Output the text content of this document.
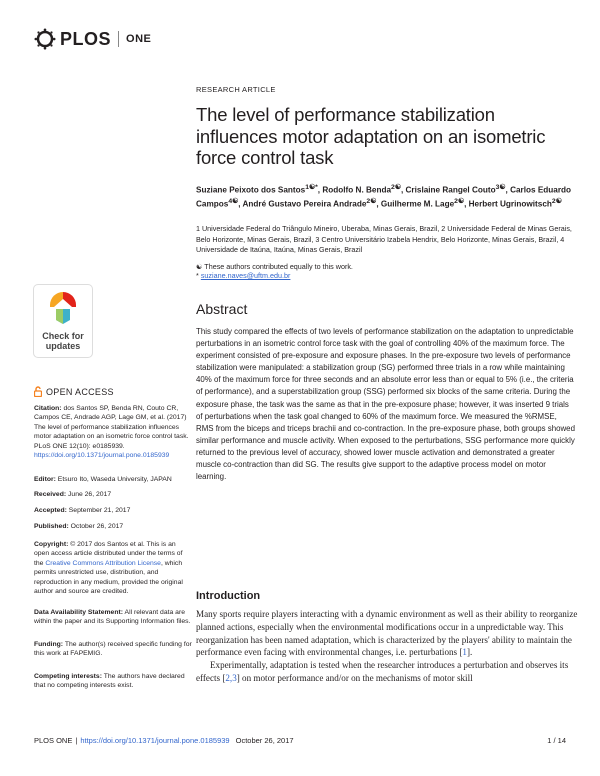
PLOS ONE
RESEARCH ARTICLE
The level of performance stabilization influences motor adaptation on an isometric force control task

Suziane Peixoto dos Santos$^{1☯*}$, Rodolfo N. Benda$^{2☯}$, Crislaine Rangel Couto$^{3☯}$, Carlos Eduardo Campos$^{4☯}$, André Gustavo Pereira Andrade$^{2☯}$, Guilherme M. Lage$^{2☯}$, Herbert Ugrinowitsch$^{2☯}$

1 Universidade Federal do Triângulo Mineiro, Uberaba, Minas Gerais, Brazil, 2 Universidade Federal de Minas Gerais, Belo Horizonte, Minas Gerais, Brazil, 3 Centro Universitário Izabela Hendrix, Belo Horizonte, Minas Gerais, Brazil, 4 Universidade de Itaúna, Itaúna, Minas Gerais, Brazil

☯ These authors contributed equally to this work.
* suziane.naves@uftm.edu.br
Check for
updates
OPEN ACCESS

Citation: dos Santos SP, Benda RN, Couto CR, Campos CE, Andrade AGP, Lage GM, et al. (2017) The level of performance stabilization influences motor adaptation on an isometric force control task. PLoS ONE 12(10): e0185939. https://doi.org/10.1371/journal.pone.0185939

Editor: Etsuro Ito, Waseda University, JAPAN

Received: June 26, 2017

Accepted: September 21, 2017

Published: October 26, 2017

Copyright: © 2017 dos Santos et al. This is an open access article distributed under the terms of the Creative Commons Attribution License, which permits unrestricted use, distribution, and reproduction in any medium, provided the original author and source are credited.

Data Availability Statement: All relevant data are within the paper and its Supporting Information files.

Funding: The author(s) received specific funding for this work at FAPEMIG.

Competing interests: The authors have declared that no competing interests exist.

Abstract

This study compared the effects of two levels of performance stabilization on the adaptation to unpredictable perturbations in an isometric control force task with the goal of controlling 40% of the maximum force. The experiment consisted of pre-exposure and exposure phases. In the pre-exposure two levels of performance stabilization were manipulated: a stabilization group (SG) performed three trials in a row while maintaining 40% of the maximum force for three seconds and an absolute error less than or equal to 5% (i.e., the criteria of performance), and a superstabilization group (SSG) performed six blocks of the same criteria. During the exposure phase, the task was the same as that in the pre-exposure phase; however, it was inserted 9 trials of perturbations when the task goal changed to 60% of the maximum force. We measured the %RMSE, RMS from the biceps and triceps brachii and co-contraction. In the pre-exposure phase, both groups showed similar performance and muscle activity. When exposed to the perturbations, SSG performance more quickly returned to the previous level of accuracy, showed lower muscle activation and demonstrated a greater muscle co-contraction than did SG. The results give support to the adaptive process model on motor learning.

Introduction

Many sports require players interacting with a dynamic environment as well as their ability to reorganize planned actions, especially when the environmental modifications occur in a unpredictable way. This reorganization has been named adaptation, which is characterized by the players' ability to maintain the performance even facing with environmental changes, i.e. perturbations [1].

Experimentally, adaptation is tested when the researcher introduces a perturbation and observes its effects [2,3] on motor performance and/or on the mechanisms of motor skill

PLOS ONE | https://doi.org/10.1371/journal.pone.0185939 October 26, 2017	1 / 14
